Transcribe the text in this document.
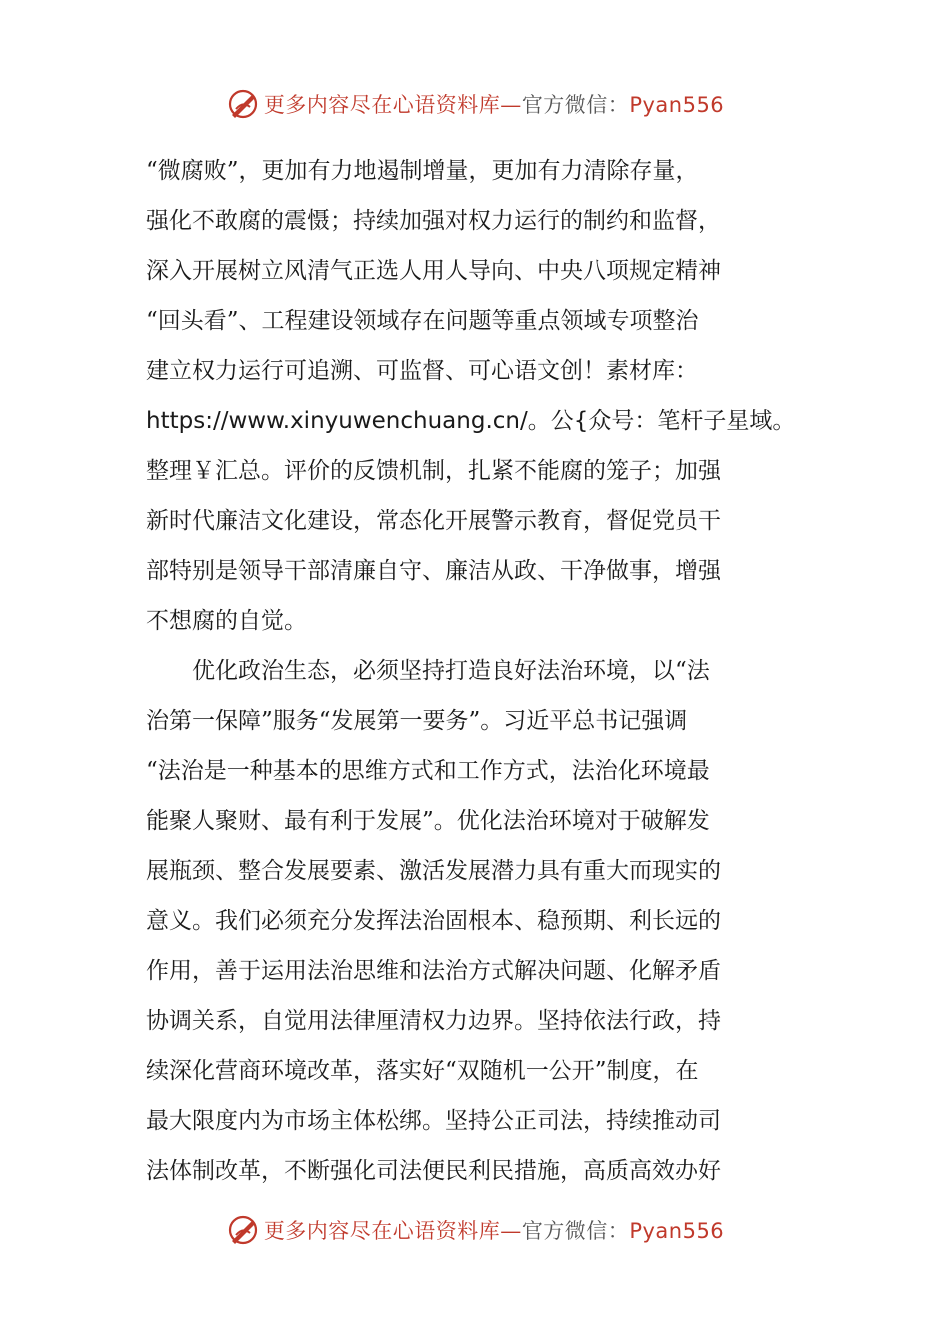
更多内容尽在心语资料库—官方微信：Pyan556
“微腐败”，更加有力地遏制增量，更加有力清除存量，
强化不敢腐的震慑；持续加强对权力运行的制约和监督，
深入开展树立风清气正选人用人导向、中央八项规定精神
“回头看”、工程建设领域存在问题等重点领域专项整治
建立权力运行可追溯、可监督、可心语文创！素材库：
https://www.xinyuwenchuang.cn/。公{众号：笔杆子星域。
整理￥汇总。评价的反馈机制，扎紧不能腐的笼子；加强
新时代廉洁文化建设，常态化开展警示教育，督促党员干
部特别是领导干部清廉自守、廉洁从政、干净做事，增强
不想腐的自觉。
　　优化政治生态，必须坚持打造良好法治环境，以“法
治第一保障”服务“发展第一要务”。习近平总书记强调
“法治是一种基本的思维方式和工作方式，法治化环境最
能聚人聚财、最有利于发展”。优化法治环境对于破解发
展瓶颈、整合发展要素、激活发展潜力具有重大而现实的
意义。我们必须充分发挥法治固根本、稳预期、利长远的
作用，善于运用法治思维和法治方式解决问题、化解矛盾
协调关系，自觉用法律厘清权力边界。坚持依法行政，持
续深化营商环境改革，落实好“双随机一公开”制度，在
最大限度内为市场主体松绑。坚持公正司法，持续推动司
法体制改革，不断强化司法便民利民措施，高质高效办好
更多内容尽在心语资料库—官方微信：Pyan556
